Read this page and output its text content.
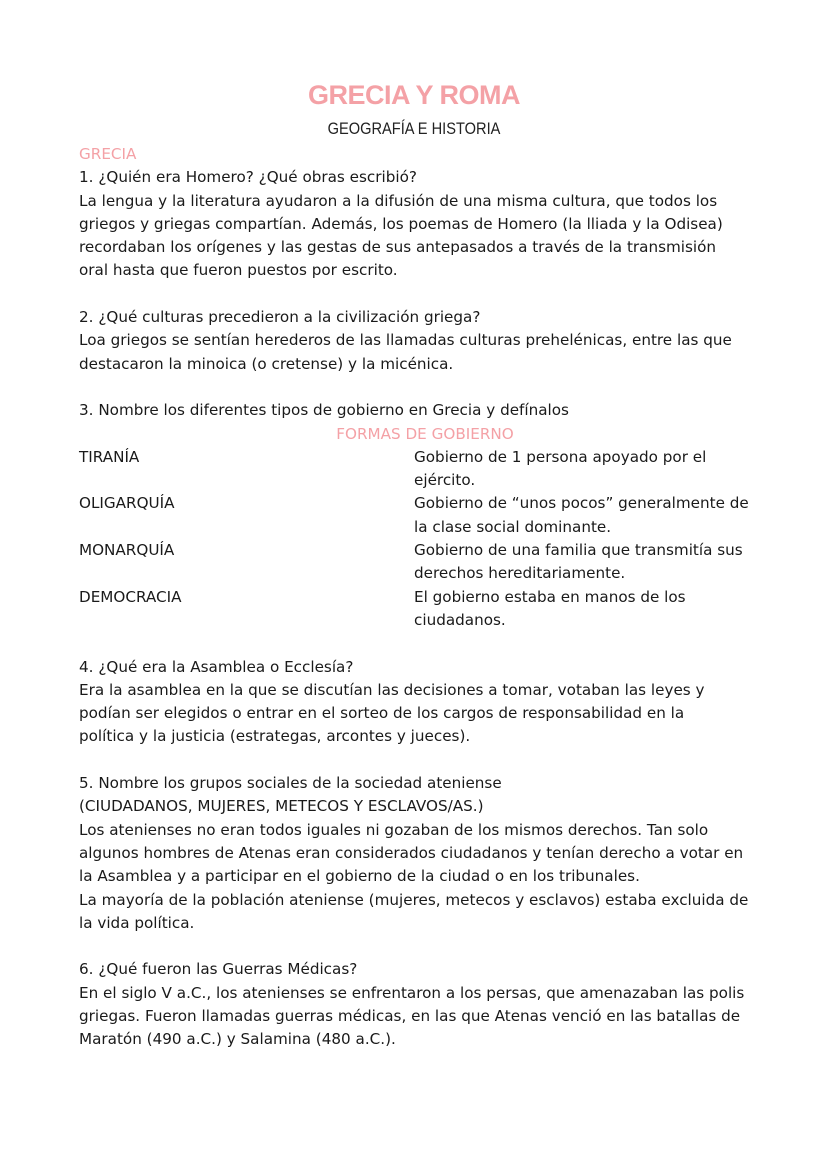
GRECIA Y ROMA
GEOGRAFÍA E HISTORIA

GRECIA

1. ¿Quién era Homero? ¿Qué obras escribió?

La lengua y la literatura ayudaron a la difusión de una misma cultura, que todos los

griegos y griegas compartían. Además, los poemas de Homero (la lliada y la Odisea)

recordaban los orígenes y las gestas de sus antepasados a través de la transmisión

oral hasta que fueron puestos por escrito.

2. ¿Qué culturas precedieron a la civilización griega?

Loa griegos se sentían herederos de las llamadas culturas prehelénicas, entre las que

destacaron la minoica (o cretense) y la micénica.

3. Nombre los diferentes tipos de gobierno en Grecia y defínalos

FORMAS DE GOBIERNO

TIRANÍA	Gobierno de 1 persona apoyado por el

ejército.

OLIGARQUÍA	Gobierno de “unos pocos” generalmente de

la clase social dominante.

MONARQUÍA	Gobierno de una familia que transmitía sus

derechos hereditariamente.

DEMOCRACIA	El gobierno estaba en manos de los

ciudadanos.

4. ¿Qué era la Asamblea o Ecclesía?

Era la asamblea en la que se discutían las decisiones a tomar, votaban las leyes y

podían ser elegidos o entrar en el sorteo de los cargos de responsabilidad en la

política y la justicia (estrategas, arcontes y jueces).

5. Nombre los grupos sociales de la sociedad ateniense

(CIUDADANOS, MUJERES, METECOS Y ESCLAVOS/AS.)

Los atenienses no eran todos iguales ni gozaban de los mismos derechos. Tan solo

algunos hombres de Atenas eran considerados ciudadanos y tenían derecho a votar en

la Asamblea y a participar en el gobierno de la ciudad o en los tribunales.

La mayoría de la población ateniense (mujeres, metecos y esclavos) estaba excluida de

la vida política.

6. ¿Qué fueron las Guerras Médicas?

En el siglo V a.C., los atenienses se enfrentaron a los persas, que amenazaban las polis

griegas. Fueron llamadas guerras médicas, en las que Atenas venció en las batallas de

Maratón (490 a.C.) y Salamina (480 a.C.).
